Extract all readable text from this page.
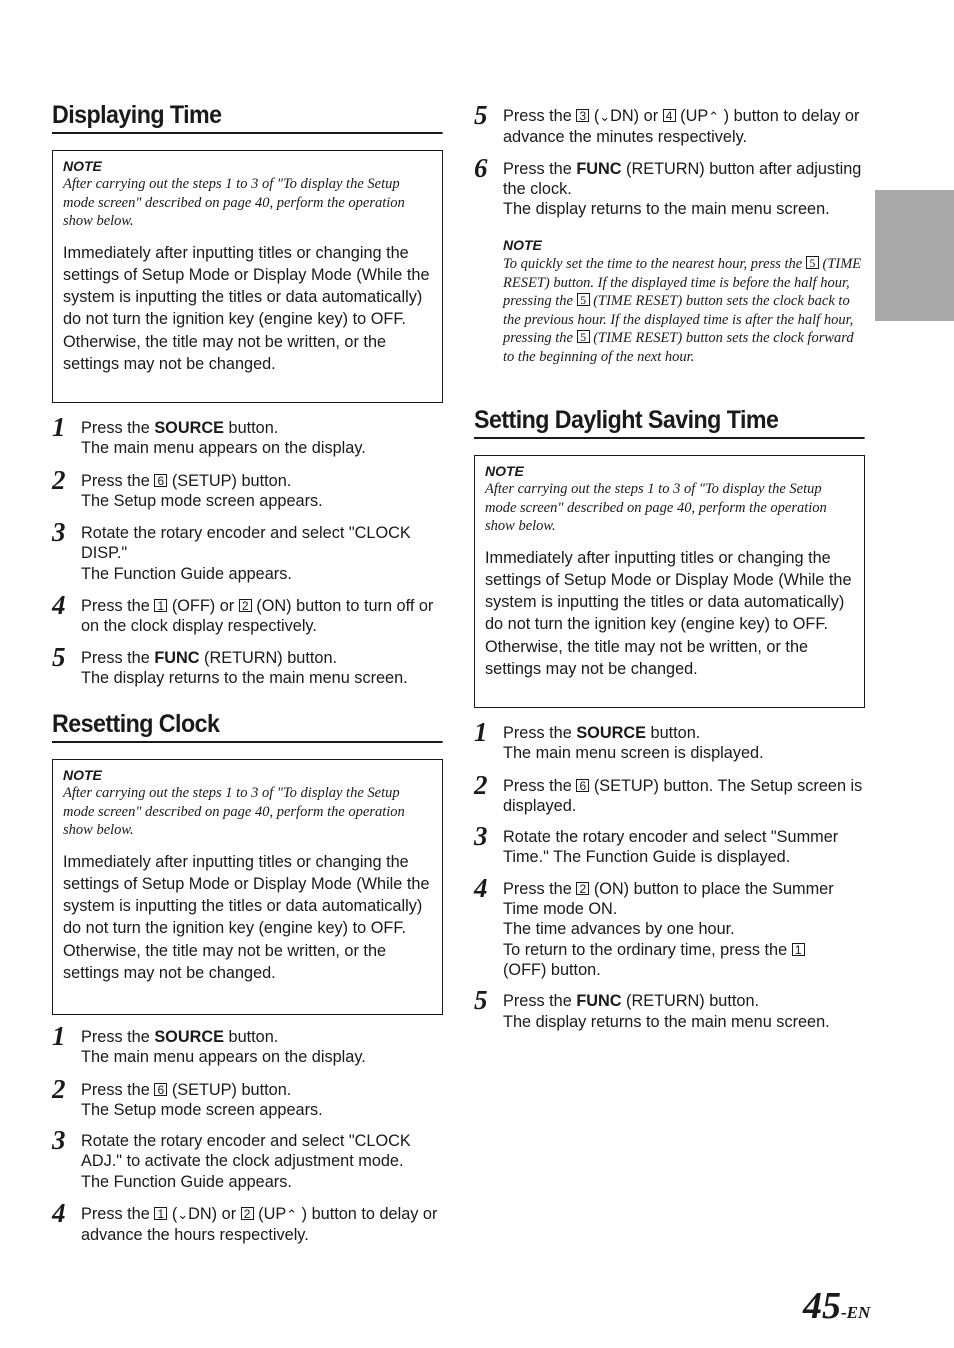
Displaying Time
NOTE
After carrying out the steps 1 to 3 of "To display the Setup mode screen" described on page 40, perform the operation show below.
Immediately after inputting titles or changing the settings of Setup Mode or Display Mode (While the system is inputting the titles or data automatically) do not turn the ignition key (engine key) to OFF.
Otherwise, the title may not be written, or the settings may not be changed.
1 Press the SOURCE button.
The main menu appears on the display.
2 Press the 6 (SETUP) button.
The Setup mode screen appears.
3 Rotate the rotary encoder and select "CLOCK DISP."
The Function Guide appears.
4 Press the 1 (OFF) or 2 (ON) button to turn off or on the clock display respectively.
5 Press the FUNC (RETURN) button.
The display returns to the main menu screen.
Resetting Clock
NOTE
After carrying out the steps 1 to 3 of "To display the Setup mode screen" described on page 40, perform the operation show below.
Immediately after inputting titles or changing the settings of Setup Mode or Display Mode (While the system is inputting the titles or data automatically) do not turn the ignition key (engine key) to OFF.
Otherwise, the title may not be written, or the settings may not be changed.
1 Press the SOURCE button.
The main menu appears on the display.
2 Press the 6 (SETUP) button.
The Setup mode screen appears.
3 Rotate the rotary encoder and select "CLOCK ADJ." to activate the clock adjustment mode.
The Function Guide appears.
4 Press the 1 (⌄DN) or 2 (UP⌃ ) button to delay or advance the hours respectively.
5 Press the 3 (⌄DN) or 4 (UP⌃ ) button to delay or advance the minutes respectively.
6 Press the FUNC (RETURN) button after adjusting the clock.
The display returns to the main menu screen.
NOTE
To quickly set the time to the nearest hour, press the 5 (TIME RESET) button. If the displayed time is before the half hour, pressing the 5 (TIME RESET) button sets the clock back to the previous hour. If the displayed time is after the half hour, pressing the 5 (TIME RESET) button sets the clock forward to the beginning of the next hour.
Setting Daylight Saving Time
NOTE
After carrying out the steps 1 to 3 of "To display the Setup mode screen" described on page 40, perform the operation show below.
Immediately after inputting titles or changing the settings of Setup Mode or Display Mode (While the system is inputting the titles or data automatically) do not turn the ignition key (engine key) to OFF.
Otherwise, the title may not be written, or the settings may not be changed.
1 Press the SOURCE button.
The main menu screen is displayed.
2 Press the 6 (SETUP) button. The Setup screen is displayed.
3 Rotate the rotary encoder and select "Summer Time." The Function Guide is displayed.
4 Press the 2 (ON) button to place the Summer Time mode ON.
The time advances by one hour.
To return to the ordinary time, press the 1
(OFF) button.
5 Press the FUNC (RETURN) button.
The display returns to the main menu screen.
45-EN
